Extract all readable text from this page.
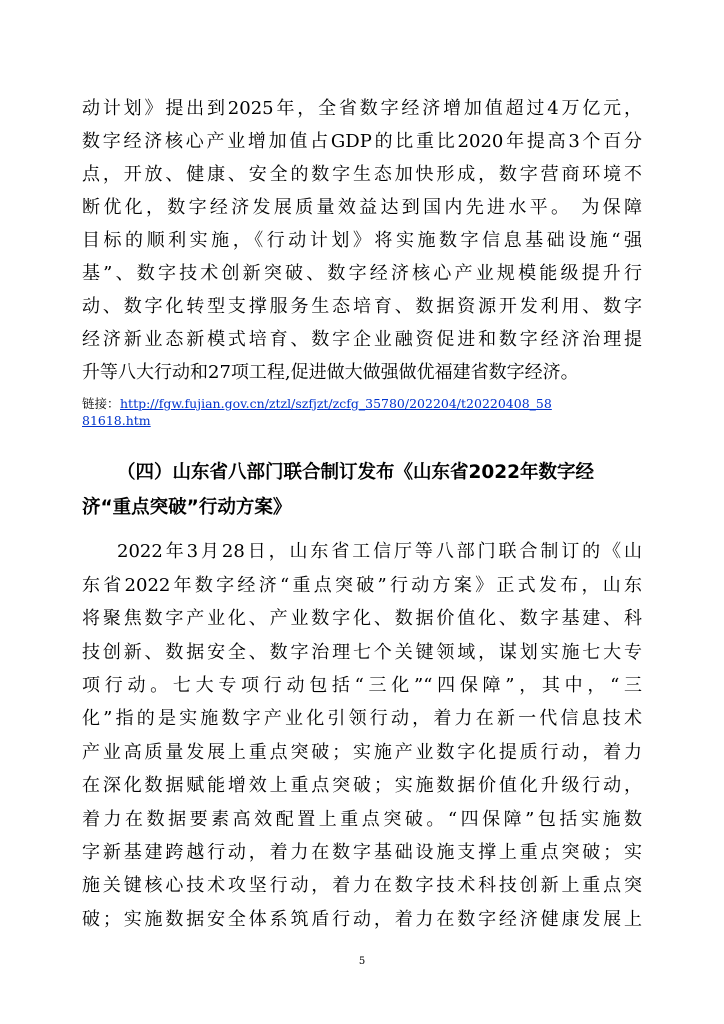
动计划》提出到2025年，全省数字经济增加值超过4万亿元，
数字经济核心产业增加值占GDP的比重比2020年提高3个百分
点，开放、健康、安全的数字生态加快形成，数字营商环境不
断优化，数字经济发展质量效益达到国内先进水平。 为保障
目标的顺利实施，《行动计划》将实施数字信息基础设施“强
基”、数字技术创新突破、数字经济核心产业规模能级提升行
动、数字化转型支撑服务生态培育、数据资源开发利用、数字
经济新业态新模式培育、数字企业融资促进和数字经济治理提
升等八大行动和27项工程,促进做大做强做优福建省数字经济。
链接： http://fgw.fujian.gov.cn/ztzl/szfjzt/zcfg_35780/202204/t20220408_58
81618.htm
（四）山东省八部门联合制订发布《山东省2022年数字经
济“重点突破”行动方案》
2022年3月28日，山东省工信厅等八部门联合制订的《山
东省2022年数字经济“重点突破”行动方案》正式发布，山东
将聚焦数字产业化、产业数字化、数据价值化、数字基建、科
技创新、数据安全、数字治理七个关键领域，谋划实施七大专
项行动。七大专项行动包括“三化”“四保障”，其中，“三
化”指的是实施数字产业化引领行动，着力在新一代信息技术
产业高质量发展上重点突破；实施产业数字化提质行动，着力
在深化数据赋能增效上重点突破；实施数据价值化升级行动，
着力在数据要素高效配置上重点突破。“四保障”包括实施数
字新基建跨越行动，着力在数字基础设施支撑上重点突破；实
施关键核心技术攻坚行动，着力在数字技术科技创新上重点突
破；实施数据安全体系筑盾行动，着力在数字经济健康发展上
5
